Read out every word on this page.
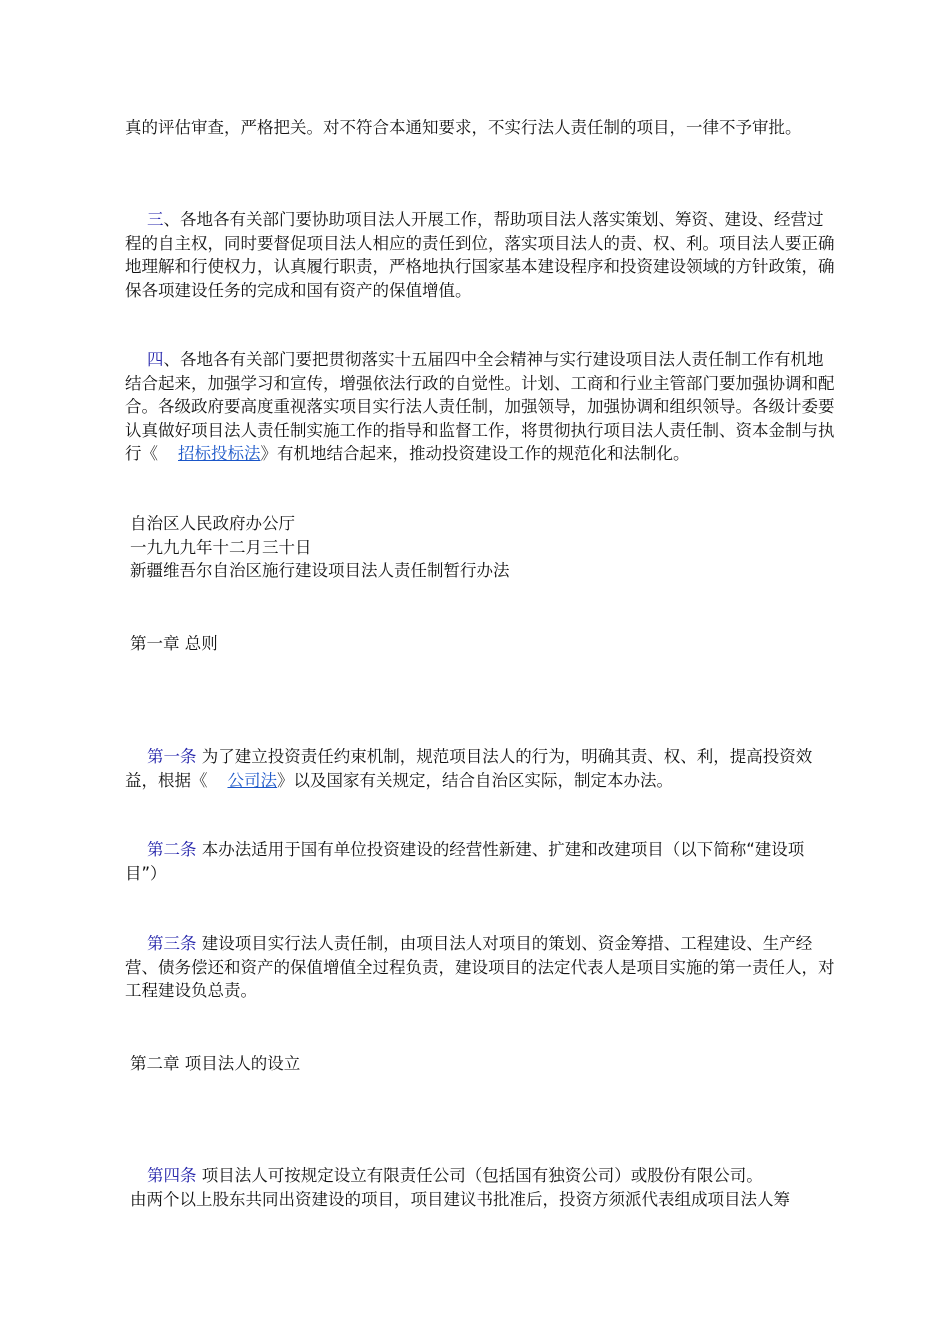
真的评估审查，严格把关。对不符合本通知要求，不实行法人责任制的项目，一律不予审批。

三、各地各有关部门要协助项目法人开展工作，帮助项目法人落实策划、筹资、建设、经营过程的自主权，同时要督促项目法人相应的责任到位，落实项目法人的责、权、利。项目法人要正确地理解和行使权力，认真履行职责，严格地执行国家基本建设程序和投资建设领域的方针政策，确保各项建设任务的完成和国有资产的保值增值。

四、各地各有关部门要把贯彻落实十五届四中全会精神与实行建设项目法人责任制工作有机地结合起来，加强学习和宣传，增强依法行政的自觉性。计划、工商和行业主管部门要加强协调和配合。各级政府要高度重视落实项目实行法人责任制，加强领导，加强协调和组织领导。各级计委要认真做好项目法人责任制实施工作的指导和监督工作，将贯彻执行项目法人责任制、资本金制与执行《 招标投标法》有机地结合起来，推动投资建设工作的规范化和法制化。

自治区人民政府办公厅
一九九九年十二月三十日
新疆维吾尔自治区施行建设项目法人责任制暂行办法
第一章 总则

第一条 为了建立投资责任约束机制，规范项目法人的行为，明确其责、权、利，提高投资效益，根据《 公司法》以及国家有关规定，结合自治区实际，制定本办法。

第二条 本办法适用于国有单位投资建设的经营性新建、扩建和改建项目（以下简称“建设项目”）

第三条 建设项目实行法人责任制，由项目法人对项目的策划、资金筹措、工程建设、生产经营、债务偿还和资产的保值增值全过程负责，建设项目的法定代表人是项目实施的第一责任人，对工程建设负总责。

第二章 项目法人的设立

第四条 项目法人可按规定设立有限责任公司（包括国有独资公司）或股份有限公司。

由两个以上股东共同出资建设的项目，项目建议书批准后，投资方须派代表组成项目法人筹
